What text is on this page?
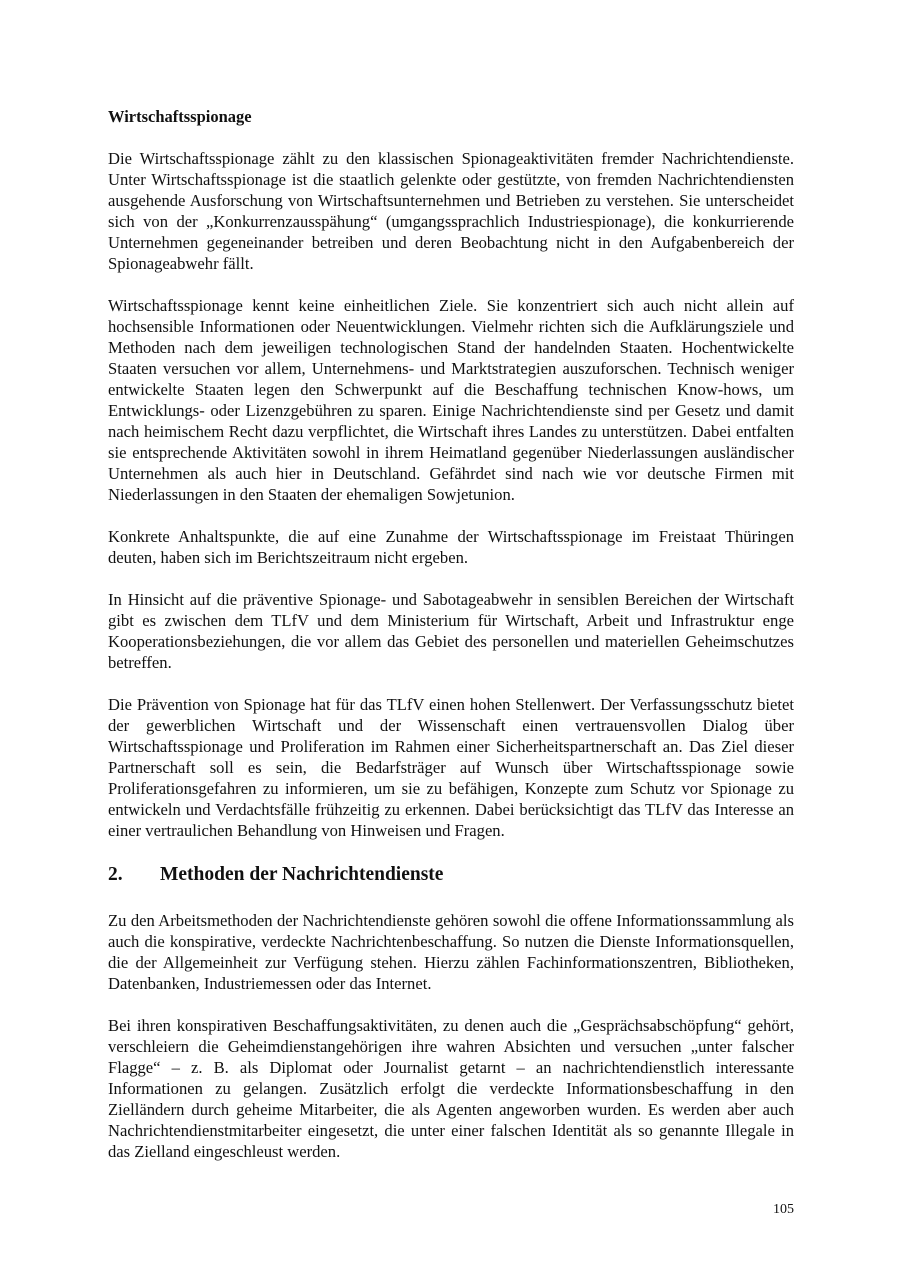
Wirtschaftsspionage

Die Wirtschaftsspionage zählt zu den klassischen Spionageaktivitäten fremder Nachrichtendienste. Unter Wirtschaftsspionage ist die staatlich gelenkte oder gestützte, von fremden Nachrichtendiensten ausgehende Ausforschung von Wirtschaftsunternehmen und Betrieben zu verstehen. Sie unterscheidet sich von der „Konkurrenzausspähung“ (umgangssprachlich Industriespionage), die konkurrierende Unternehmen gegeneinander betreiben und deren Beobachtung nicht in den Aufgabenbereich der Spionageabwehr fällt.

Wirtschaftsspionage kennt keine einheitlichen Ziele. Sie konzentriert sich auch nicht allein auf hochsensible Informationen oder Neuentwicklungen. Vielmehr richten sich die Aufklärungsziele und Methoden nach dem jeweiligen technologischen Stand der handelnden Staaten. Hochentwickelte Staaten versuchen vor allem, Unternehmens- und Marktstrategien auszuforschen. Technisch weniger entwickelte Staaten legen den Schwerpunkt auf die Beschaffung technischen Know-hows, um Entwicklungs- oder Lizenzgebühren zu sparen. Einige Nachrichtendienste sind per Gesetz und damit nach heimischem Recht dazu verpflichtet, die Wirtschaft ihres Landes zu unterstützen. Dabei entfalten sie entsprechende Aktivitäten sowohl in ihrem Heimatland gegenüber Niederlassungen ausländischer Unternehmen als auch hier in Deutschland. Gefährdet sind nach wie vor deutsche Firmen mit Niederlassungen in den Staaten der ehemaligen Sowjetunion.

Konkrete Anhaltspunkte, die auf eine Zunahme der Wirtschaftsspionage im Freistaat Thüringen deuten, haben sich im Berichtszeitraum nicht ergeben.

In Hinsicht auf die präventive Spionage- und Sabotageabwehr in sensiblen Bereichen der Wirtschaft gibt es zwischen dem TLfV und dem Ministerium für Wirtschaft, Arbeit und Infrastruktur enge Kooperationsbeziehungen, die vor allem das Gebiet des personellen und materiellen Geheimschutzes betreffen.

Die Prävention von Spionage hat für das TLfV einen hohen Stellenwert. Der Verfassungsschutz bietet der gewerblichen Wirtschaft und der Wissenschaft einen vertrauensvollen Dialog über Wirtschaftsspionage und Proliferation im Rahmen einer Sicherheitspartnerschaft an. Das Ziel dieser Partnerschaft soll es sein, die Bedarfsträger auf Wunsch über Wirtschaftsspionage sowie Proliferationsgefahren zu informieren, um sie zu befähigen, Konzepte zum Schutz vor Spionage zu entwickeln und Verdachtsfälle frühzeitig zu erkennen. Dabei berücksichtigt das TLfV das Interesse an einer vertraulichen Behandlung von Hinweisen und Fragen.

2.	Methoden der Nachrichtendienste

Zu den Arbeitsmethoden der Nachrichtendienste gehören sowohl die offene Informationssammlung als auch die konspirative, verdeckte Nachrichtenbeschaffung. So nutzen die Dienste Informationsquellen, die der Allgemeinheit zur Verfügung stehen. Hierzu zählen Fachinformationszentren, Bibliotheken, Datenbanken, Industriemessen oder das Internet.

Bei ihren konspirativen Beschaffungsaktivitäten, zu denen auch die „Gesprächsabschöpfung“ gehört, verschleiern die Geheimdienstangehörigen ihre wahren Absichten und versuchen „unter falscher Flagge“ – z. B. als Diplomat oder Journalist getarnt – an nachrichtendienstlich interessante Informationen zu gelangen. Zusätzlich erfolgt die verdeckte Informationsbeschaffung in den Zielländern durch geheime Mitarbeiter, die als Agenten angeworben wurden. Es werden aber auch Nachrichtendienstmitarbeiter eingesetzt, die unter einer falschen Identität als so genannte Illegale in das Zielland eingeschleust werden.

105
